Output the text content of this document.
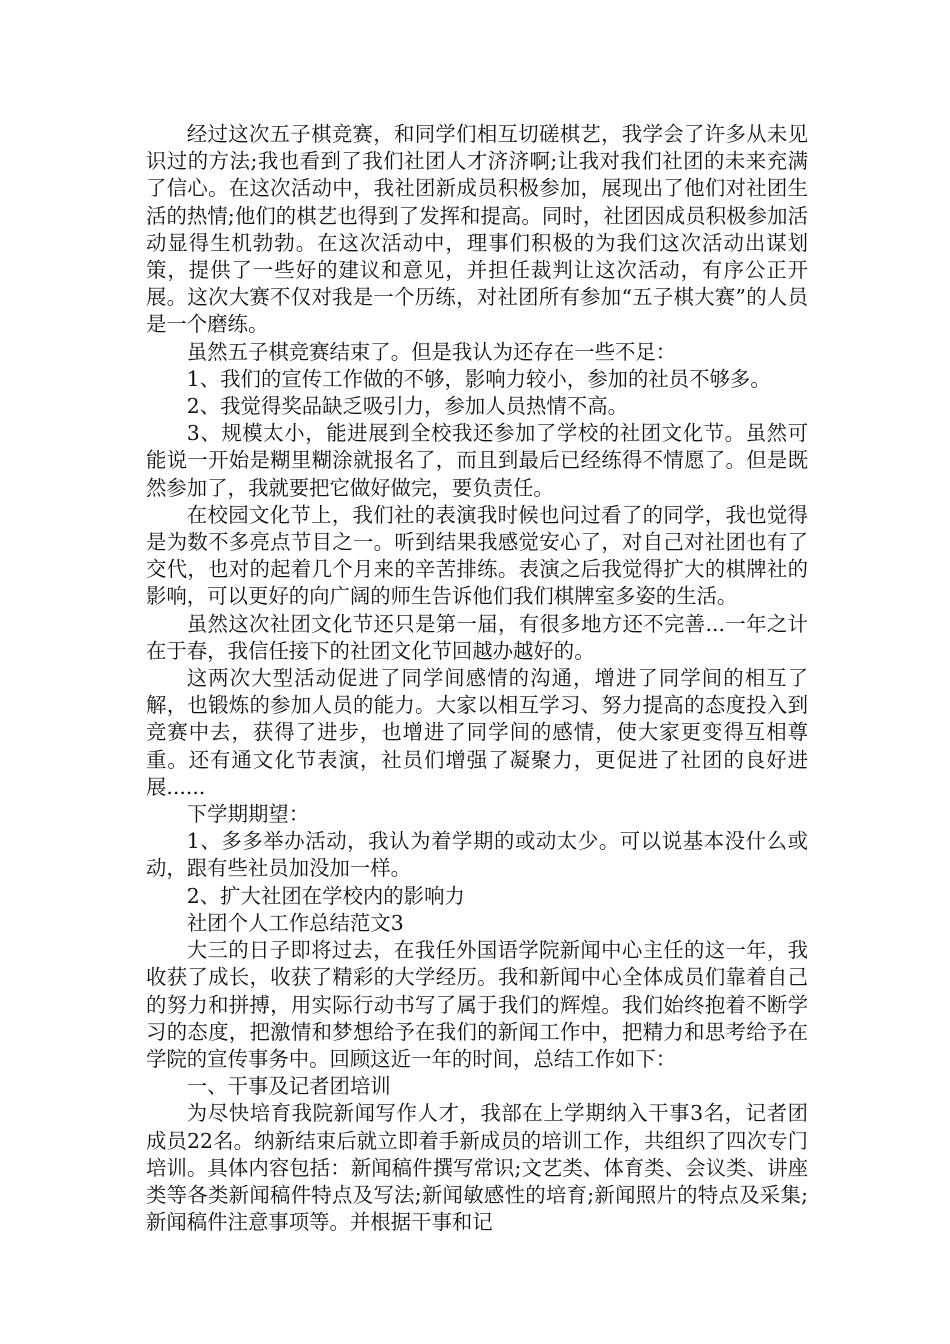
经过这次五子棋竞赛，和同学们相互切磋棋艺，我学会了许多从未见识过的方法;我也看到了我们社团人才济济啊;让我对我们社团的未来充满了信心。在这次活动中，我社团新成员积极参加，展现出了他们对社团生活的热情;他们的棋艺也得到了发挥和提高。同时，社团因成员积极参加活动显得生机勃勃。在这次活动中，理事们积极的为我们这次活动出谋划策，提供了一些好的建议和意见，并担任裁判让这次活动，有序公正开展。这次大赛不仅对我是一个历练，对社团所有参加“五子棋大赛”的人员是一个磨练。

虽然五子棋竞赛结束了。但是我认为还存在一些不足：

1、我们的宣传工作做的不够，影响力较小，参加的社员不够多。

2、我觉得奖品缺乏吸引力，参加人员热情不高。

3、规模太小，能进展到全校我还参加了学校的社团文化节。虽然可能说一开始是糊里糊涂就报名了，而且到最后已经练得不情愿了。但是既然参加了，我就要把它做好做完，要负责任。

在校园文化节上，我们社的表演我时候也问过看了的同学，我也觉得是为数不多亮点节目之一。听到结果我感觉安心了，对自己对社团也有了交代，也对的起着几个月来的辛苦排练。表演之后我觉得扩大的棋牌社的影响，可以更好的向广阔的师生告诉他们我们棋牌室多姿的生活。

虽然这次社团文化节还只是第一届，有很多地方还不完善...一年之计在于春，我信任接下的社团文化节回越办越好的。

这两次大型活动促进了同学间感情的沟通，增进了同学间的相互了解，也锻炼的参加人员的能力。大家以相互学习、努力提高的态度投入到竞赛中去，获得了进步，也增进了同学间的感情，使大家更变得互相尊重。还有通文化节表演，社员们增强了凝聚力，更促进了社团的良好进展......

下学期期望：

1、多多举办活动，我认为着学期的或动太少。可以说基本没什么或动，跟有些社员加没加一样。

2、扩大社团在学校内的影响力

社团个人工作总结范文3

大三的日子即将过去，在我任外国语学院新闻中心主任的这一年，我收获了成长，收获了精彩的大学经历。我和新闻中心全体成员们靠着自己的努力和拼搏，用实际行动书写了属于我们的辉煌。我们始终抱着不断学习的态度，把激情和梦想给予在我们的新闻工作中，把精力和思考给予在学院的宣传事务中。回顾这近一年的时间，总结工作如下：

一、干事及记者团培训

为尽快培育我院新闻写作人才，我部在上学期纳入干事3名，记者团成员22名。纳新结束后就立即着手新成员的培训工作，共组织了四次专门培训。具体内容包括：新闻稿件撰写常识;文艺类、体育类、会议类、讲座类等各类新闻稿件特点及写法;新闻敏感性的培育;新闻照片的特点及采集;新闻稿件注意事项等。并根据干事和记
